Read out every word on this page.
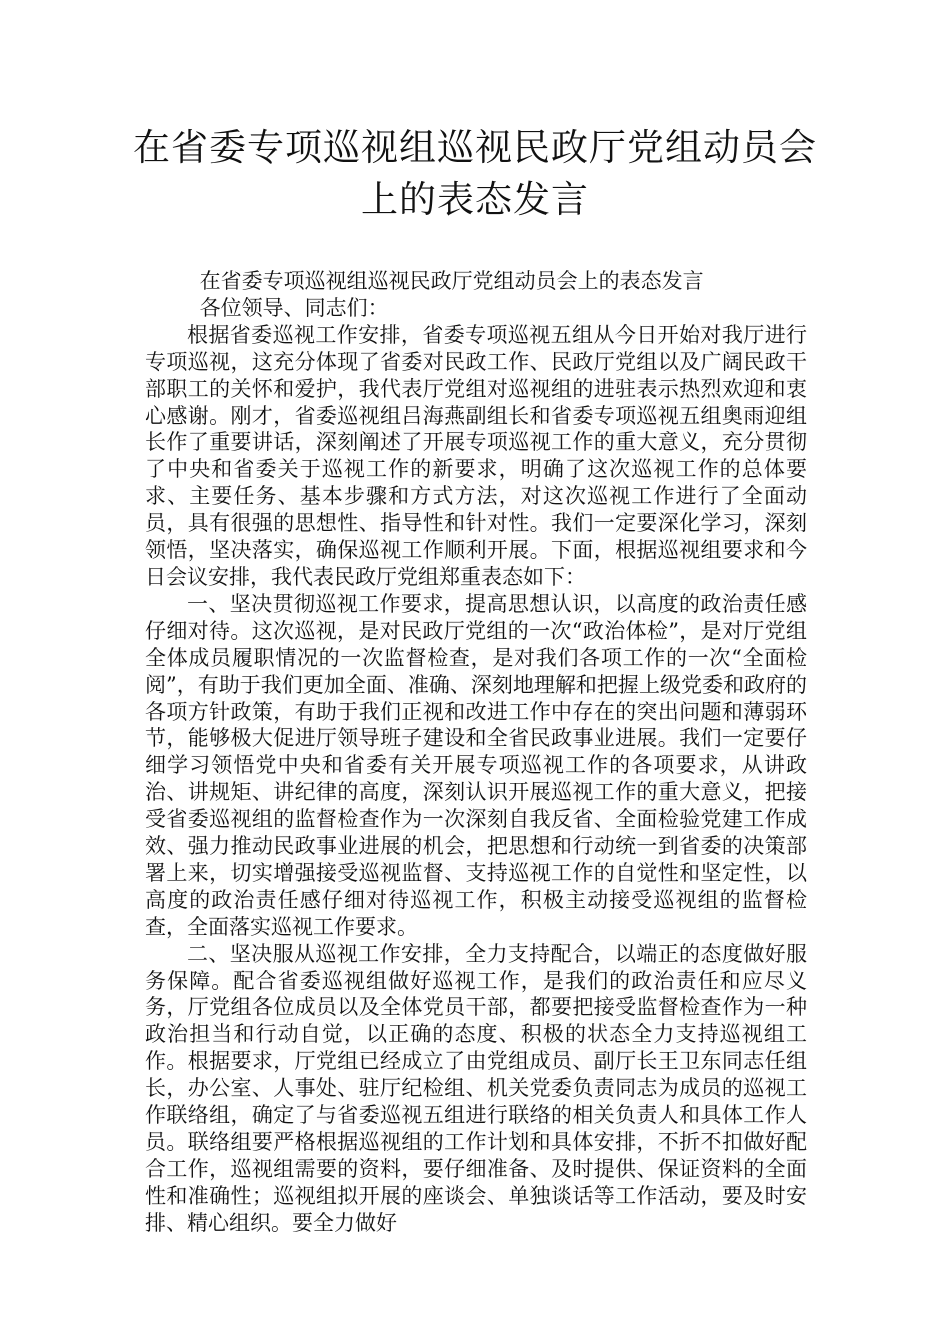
在省委专项巡视组巡视民政厅党组动员会
上的表态发言

在省委专项巡视组巡视民政厅党组动员会上的表态发言

各位领导、同志们：

根据省委巡视工作安排，省委专项巡视五组从今日开始对我厅进行专项巡视，这充分体现了省委对民政工作、民政厅党组以及广阔民政干部职工的关怀和爱护，我代表厅党组对巡视组的进驻表示热烈欢迎和衷心感谢。刚才，省委巡视组吕海燕副组长和省委专项巡视五组奥雨迎组长作了重要讲话，深刻阐述了开展专项巡视工作的重大意义，充分贯彻了中央和省委关于巡视工作的新要求，明确了这次巡视工作的总体要求、主要任务、基本步骤和方式方法，对这次巡视工作进行了全面动员，具有很强的思想性、指导性和针对性。我们一定要深化学习，深刻领悟，坚决落实，确保巡视工作顺利开展。下面，根据巡视组要求和今日会议安排，我代表民政厅党组郑重表态如下：

一、坚决贯彻巡视工作要求，提高思想认识，以高度的政治责任感仔细对待。这次巡视，是对民政厅党组的一次“政治体检”，是对厅党组全体成员履职情况的一次监督检查，是对我们各项工作的一次“全面检阅”，有助于我们更加全面、准确、深刻地理解和把握上级党委和政府的各项方针政策，有助于我们正视和改进工作中存在的突出问题和薄弱环节，能够极大促进厅领导班子建设和全省民政事业进展。我们一定要仔细学习领悟党中央和省委有关开展专项巡视工作的各项要求，从讲政治、讲规矩、讲纪律的高度，深刻认识开展巡视工作的重大意义，把接受省委巡视组的监督检查作为一次深刻自我反省、全面检验党建工作成效、强力推动民政事业进展的机会，把思想和行动统一到省委的决策部署上来，切实增强接受巡视监督、支持巡视工作的自觉性和坚定性，以高度的政治责任感仔细对待巡视工作，积极主动接受巡视组的监督检查，全面落实巡视工作要求。

二、坚决服从巡视工作安排，全力支持配合，以端正的态度做好服务保障。配合省委巡视组做好巡视工作，是我们的政治责任和应尽义务，厅党组各位成员以及全体党员干部，都要把接受监督检查作为一种政治担当和行动自觉，以正确的态度、积极的状态全力支持巡视组工作。根据要求，厅党组已经成立了由党组成员、副厅长王卫东同志任组长，办公室、人事处、驻厅纪检组、机关党委负责同志为成员的巡视工作联络组，确定了与省委巡视五组进行联络的相关负责人和具体工作人员。联络组要严格根据巡视组的工作计划和具体安排，不折不扣做好配合工作，巡视组需要的资料，要仔细准备、及时提供、保证资料的全面性和准确性；巡视组拟开展的座谈会、单独谈话等工作活动，要及时安排、精心组织。要全力做好
